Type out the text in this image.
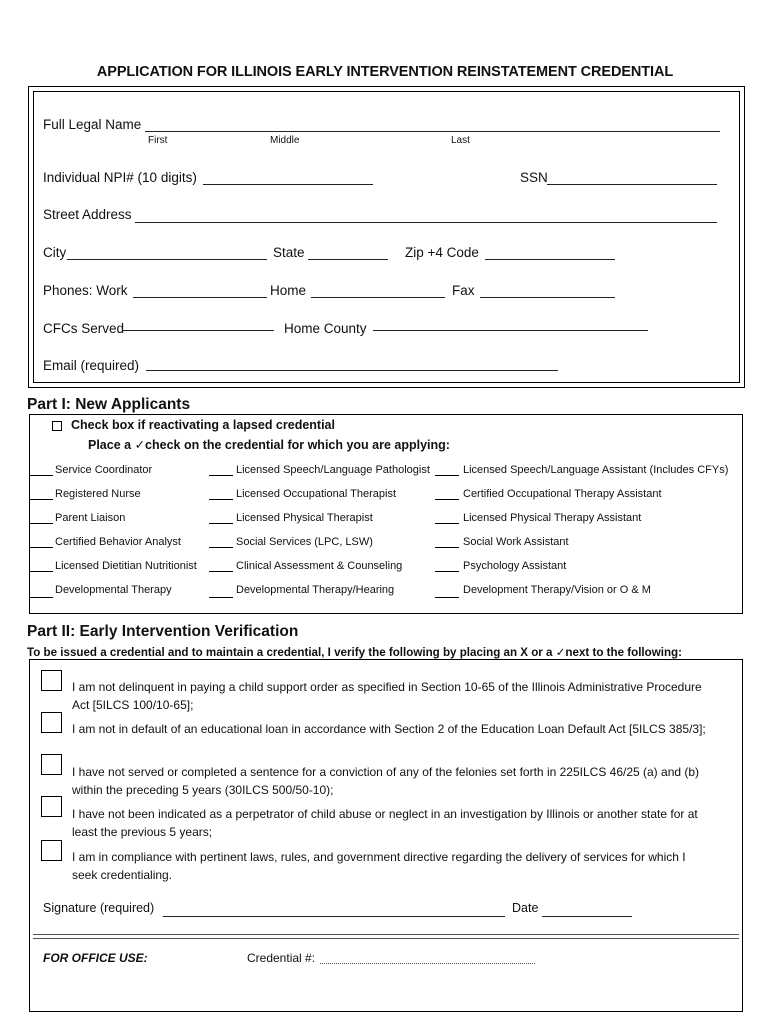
APPLICATION FOR ILLINOIS EARLY INTERVENTION REINSTATEMENT CREDENTIAL
Full Legal Name
First	Middle	Last
Individual NPI# (10 digits)	SSN
Street Address
City	State	Zip +4 Code
Phones: Work	Home	Fax
CFCs Served	Home County
Email (required)
Part I: New Applicants
Check box if reactivating a lapsed credential
Place a ✓check on the credential for which you are applying:
Service Coordinator	Licensed Speech/Language Pathologist	Licensed Speech/Language Assistant (Includes CFYs)
Registered Nurse	Licensed Occupational Therapist	Certified Occupational Therapy Assistant
Parent Liaison	Licensed Physical Therapist	Licensed Physical Therapy Assistant
Certified Behavior Analyst	Social Services (LPC, LSW)	Social Work Assistant
Licensed Dietitian Nutritionist	Clinical Assessment & Counseling	Psychology Assistant
Developmental Therapy	Developmental Therapy/Hearing	Development Therapy/Vision or O & M
Part II: Early Intervention Verification
To be issued a credential and to maintain a credential, I verify the following by placing an X or a ✓next to the following:
I am not delinquent in paying a child support order as specified in Section 10-65 of the Illinois Administrative Procedure Act [5ILCS 100/10-65];
I am not in default of an educational loan in accordance with Section 2 of the Education Loan Default Act [5ILCS 385/3];
I have not served or completed a sentence for a conviction of any of the felonies set forth in 225ILCS 46/25 (a) and (b) within the preceding 5 years (30ILCS 500/50-10);
I have not been indicated as a perpetrator of child abuse or neglect in an investigation by Illinois or another state for at least the previous 5 years;
I am in compliance with pertinent laws, rules, and government directive regarding the delivery of services for which I seek credentialing.
Signature (required)	Date
FOR OFFICE USE:	Credential #:
